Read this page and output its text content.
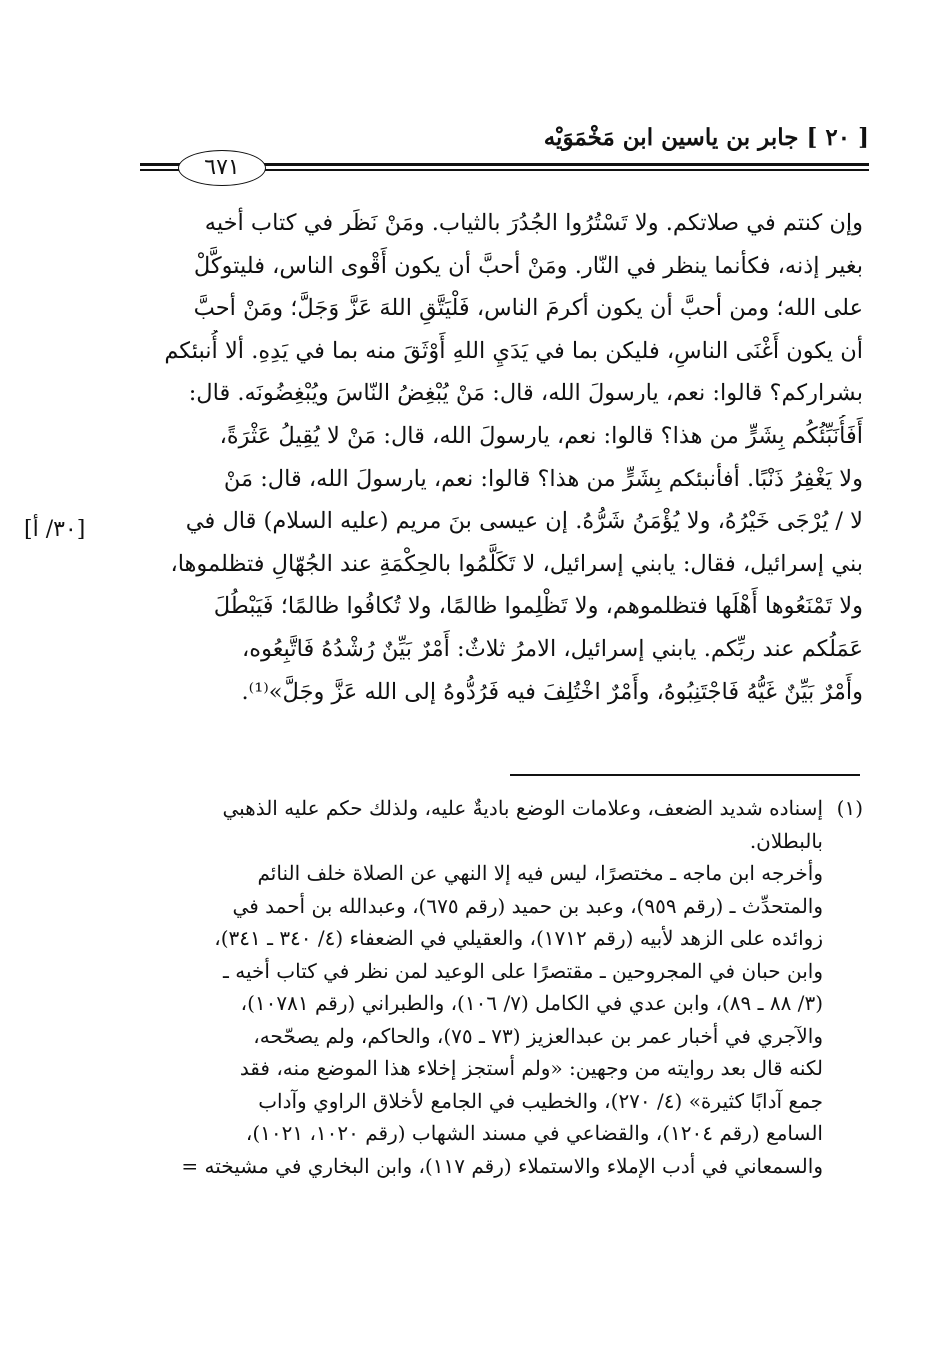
[ ٢٠ ] جابر بن ياسين ابن مَخْمَوَيْه
٦٧١
وإن كنتم في صلاتكم. ولا تَسْتُرُوا الجُدُرَ بالثياب. ومَنْ نَظَر في كتاب أخيه
بغير إذنه، فكأنما ينظر في النّار. ومَنْ أحبَّ أن يكون أَقْوى الناس، فليتوكَّلْ
على الله؛ ومن أحبَّ أن يكون أكرمَ الناس، فَلْيَتَّقِ اللهَ عَزَّ وَجَلَّ؛ ومَنْ أحبَّ
أن يكون أَغْنَى الناسِ، فليكن بما في يَدَيِ اللهِ أَوْثَقَ منه بما في يَدِهِ. ألا أُنبئكم
بشراركم؟ قالوا: نعم، يارسولَ الله، قال: مَنْ يُبْغِضُ النّاسَ ويُبْغِضُونَه. قال:
أَفَأُنَبِّئُكُم بِشَرٍّ من هذا؟ قالوا: نعم، يارسولَ الله، قال: مَنْ لا يُقِيلُ عَثْرَةً،
ولا يَغْفِرُ ذَنْبًا. أفأنبئكم بِشَرٍّ من هذا؟ قالوا: نعم، يارسولَ الله، قال: مَنْ
لا / يُرْجَى خَيْرُهُ، ولا يُؤْمَنُ شَرُّهُ. إن عيسى بنَ مريم (عليه السلام) قال في
بني إسرائيل، فقال: يابني إسرائيل، لا تَكَلَّمُوا بالحِكْمَةِ عند الجُهّالِ فتظلموها،
ولا تَمْنَعُوها أَهْلَها فتظلموهم، ولا تَظْلِموا ظالمًا، ولا تُكافُوا ظالمًا؛ فَيَبْطُلَ
عَمَلُكم عند ربِّكم. يابني إسرائيل، الامرُ ثلاثٌ: أَمْرٌ بَيِّنٌ رُشْدُهُ فَاتَّبِعُوه،
وأَمْرٌ بَيِّنٌ غَيُّهُ فَاجْتَنِبُوهُ، وأَمْرٌ اخْتُلِفَ فيه فَرُدُّوهُ إلى الله عَزَّ وجَلَّ»⁽¹⁾.
[٣٠/ أ]
(١)إسناده شديد الضعف، وعلامات الوضع باديةٌ عليه، ولذلك حكم عليه الذهبي
بالبطلان.
وأخرجه ابن ماجه ـ مختصرًا، ليس فيه إلا النهي عن الصلاة خلف النائم
والمتحدِّث ـ (رقم ٩٥٩)، وعبد بن حميد (رقم ٦٧٥)، وعبدالله بن أحمد في
زوائده على الزهد لأبيه (رقم ١٧١٢)، والعقيلي في الضعفاء (٤/ ٣٤٠ ـ ٣٤١)،
وابن حبان في المجروحين ـ مقتصرًا على الوعيد لمن نظر في كتاب أخيه ـ
(٣/ ٨٨ ـ ٨٩)، وابن عدي في الكامل (٧/ ١٠٦)، والطبراني (رقم ١٠٧٨١)،
والآجري في أخبار عمر بن عبدالعزيز (٧٣ ـ ٧٥)، والحاكم، ولم يصحّحه،
لكنه قال بعد روايته من وجهين: «ولم أستجز إخلاء هذا الموضع منه، فقد
جمع آدابًا كثيرة» (٤/ ٢٧٠)، والخطيب في الجامع لأخلاق الراوي وآداب
السامع (رقم ١٢٠٤)، والقضاعي في مسند الشهاب (رقم ١٠٢٠، ١٠٢١)،
والسمعاني في أدب الإملاء والاستملاء (رقم ١١٧)، وابن البخاري في مشيخته =
